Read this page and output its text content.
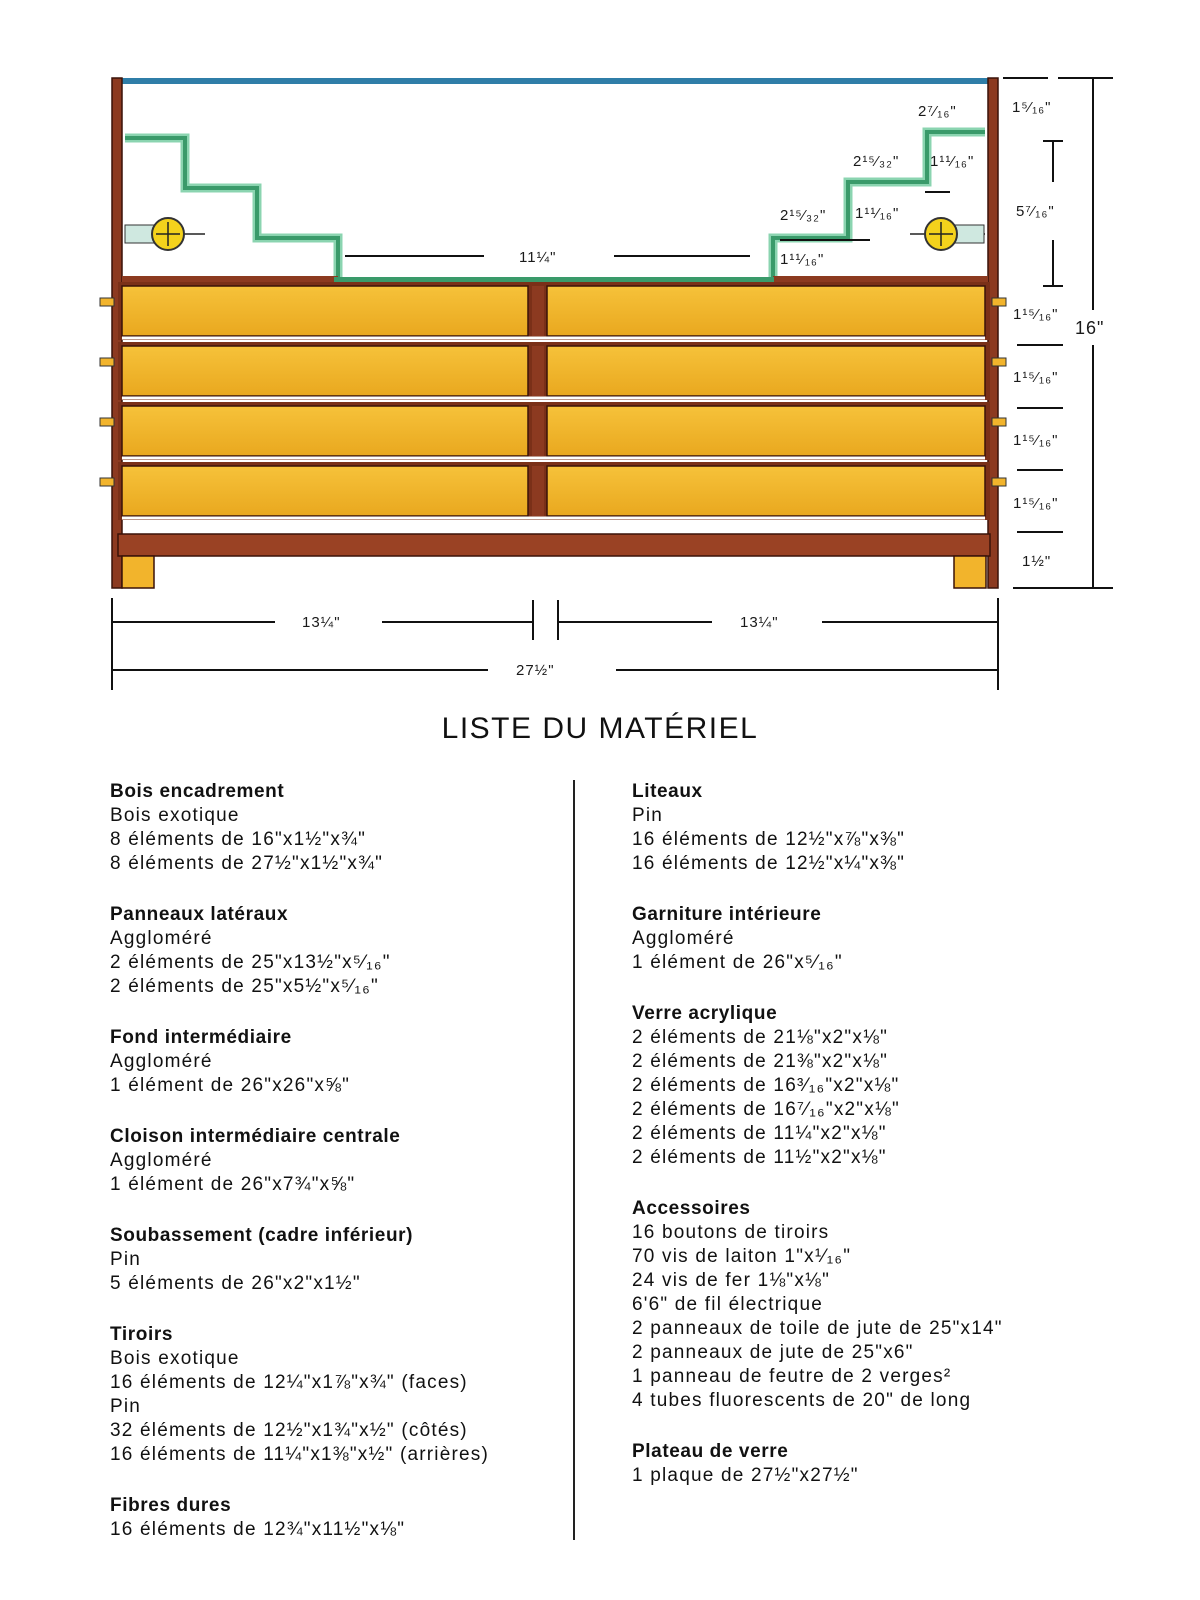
2⁷⁄₁₆"
2¹⁵⁄₃₂" 1¹¹⁄₁₆"
2¹⁵⁄₃₂" 1¹¹⁄₁₆"
1¹¹⁄₁₆"
11¼"
1⁵⁄₁₆"
5⁷⁄₁₆"
1¹⁵⁄₁₆"
1¹⁵⁄₁₆"
1¹⁵⁄₁₆"
1¹⁵⁄₁₆"
1½"
16"
13¼"	13¼"
27½"
LISTE DU MATÉRIEL
Bois encadrement
Bois exotique
8 éléments de 16"x1½"x¾"
8 éléments de 27½"x1½"x¾"
Panneaux latéraux
Aggloméré
2 éléments de 25"x13½"x⁵⁄₁₆"
2 éléments de 25"x5½"x⁵⁄₁₆"
Fond intermédiaire
Aggloméré
1 élément de 26"x26"x⅝"
Cloison intermédiaire centrale
Aggloméré
1 élément de 26"x7¾"x⅝"
Soubassement (cadre inférieur)
Pin
5 éléments de 26"x2"x1½"
Tiroirs
Bois exotique
16 éléments de 12¼"x1⅞"x¾" (faces)
Pin
32 éléments de 12½"x1¾"x½" (côtés)
16 éléments de 11¼"x1⅜"x½" (arrières)
Fibres dures
16 éléments de 12¾"x11½"x⅛"
Liteaux
Pin
16 éléments de 12½"x⅞"x⅜"
16 éléments de 12½"x¼"x⅜"
Garniture intérieure
Aggloméré
1 élément de 26"x⁵⁄₁₆"
Verre acrylique
2 éléments de 21⅛"x2"x⅛"
2 éléments de 21⅜"x2"x⅛"
2 éléments de 16³⁄₁₆"x2"x⅛"
2 éléments de 16⁷⁄₁₆"x2"x⅛"
2 éléments de 11¼"x2"x⅛"
2 éléments de 11½"x2"x⅛"
Accessoires
16 boutons de tiroirs
70 vis de laiton 1"x¹⁄₁₆"
24 vis de fer 1⅛"x⅛"
6'6" de fil électrique
2 panneaux de toile de jute de 25"x14"
2 panneaux de jute de 25"x6"
1 panneau de feutre de 2 verges²
4 tubes fluorescents de 20" de long
Plateau de verre
1 plaque de 27½"x27½"
